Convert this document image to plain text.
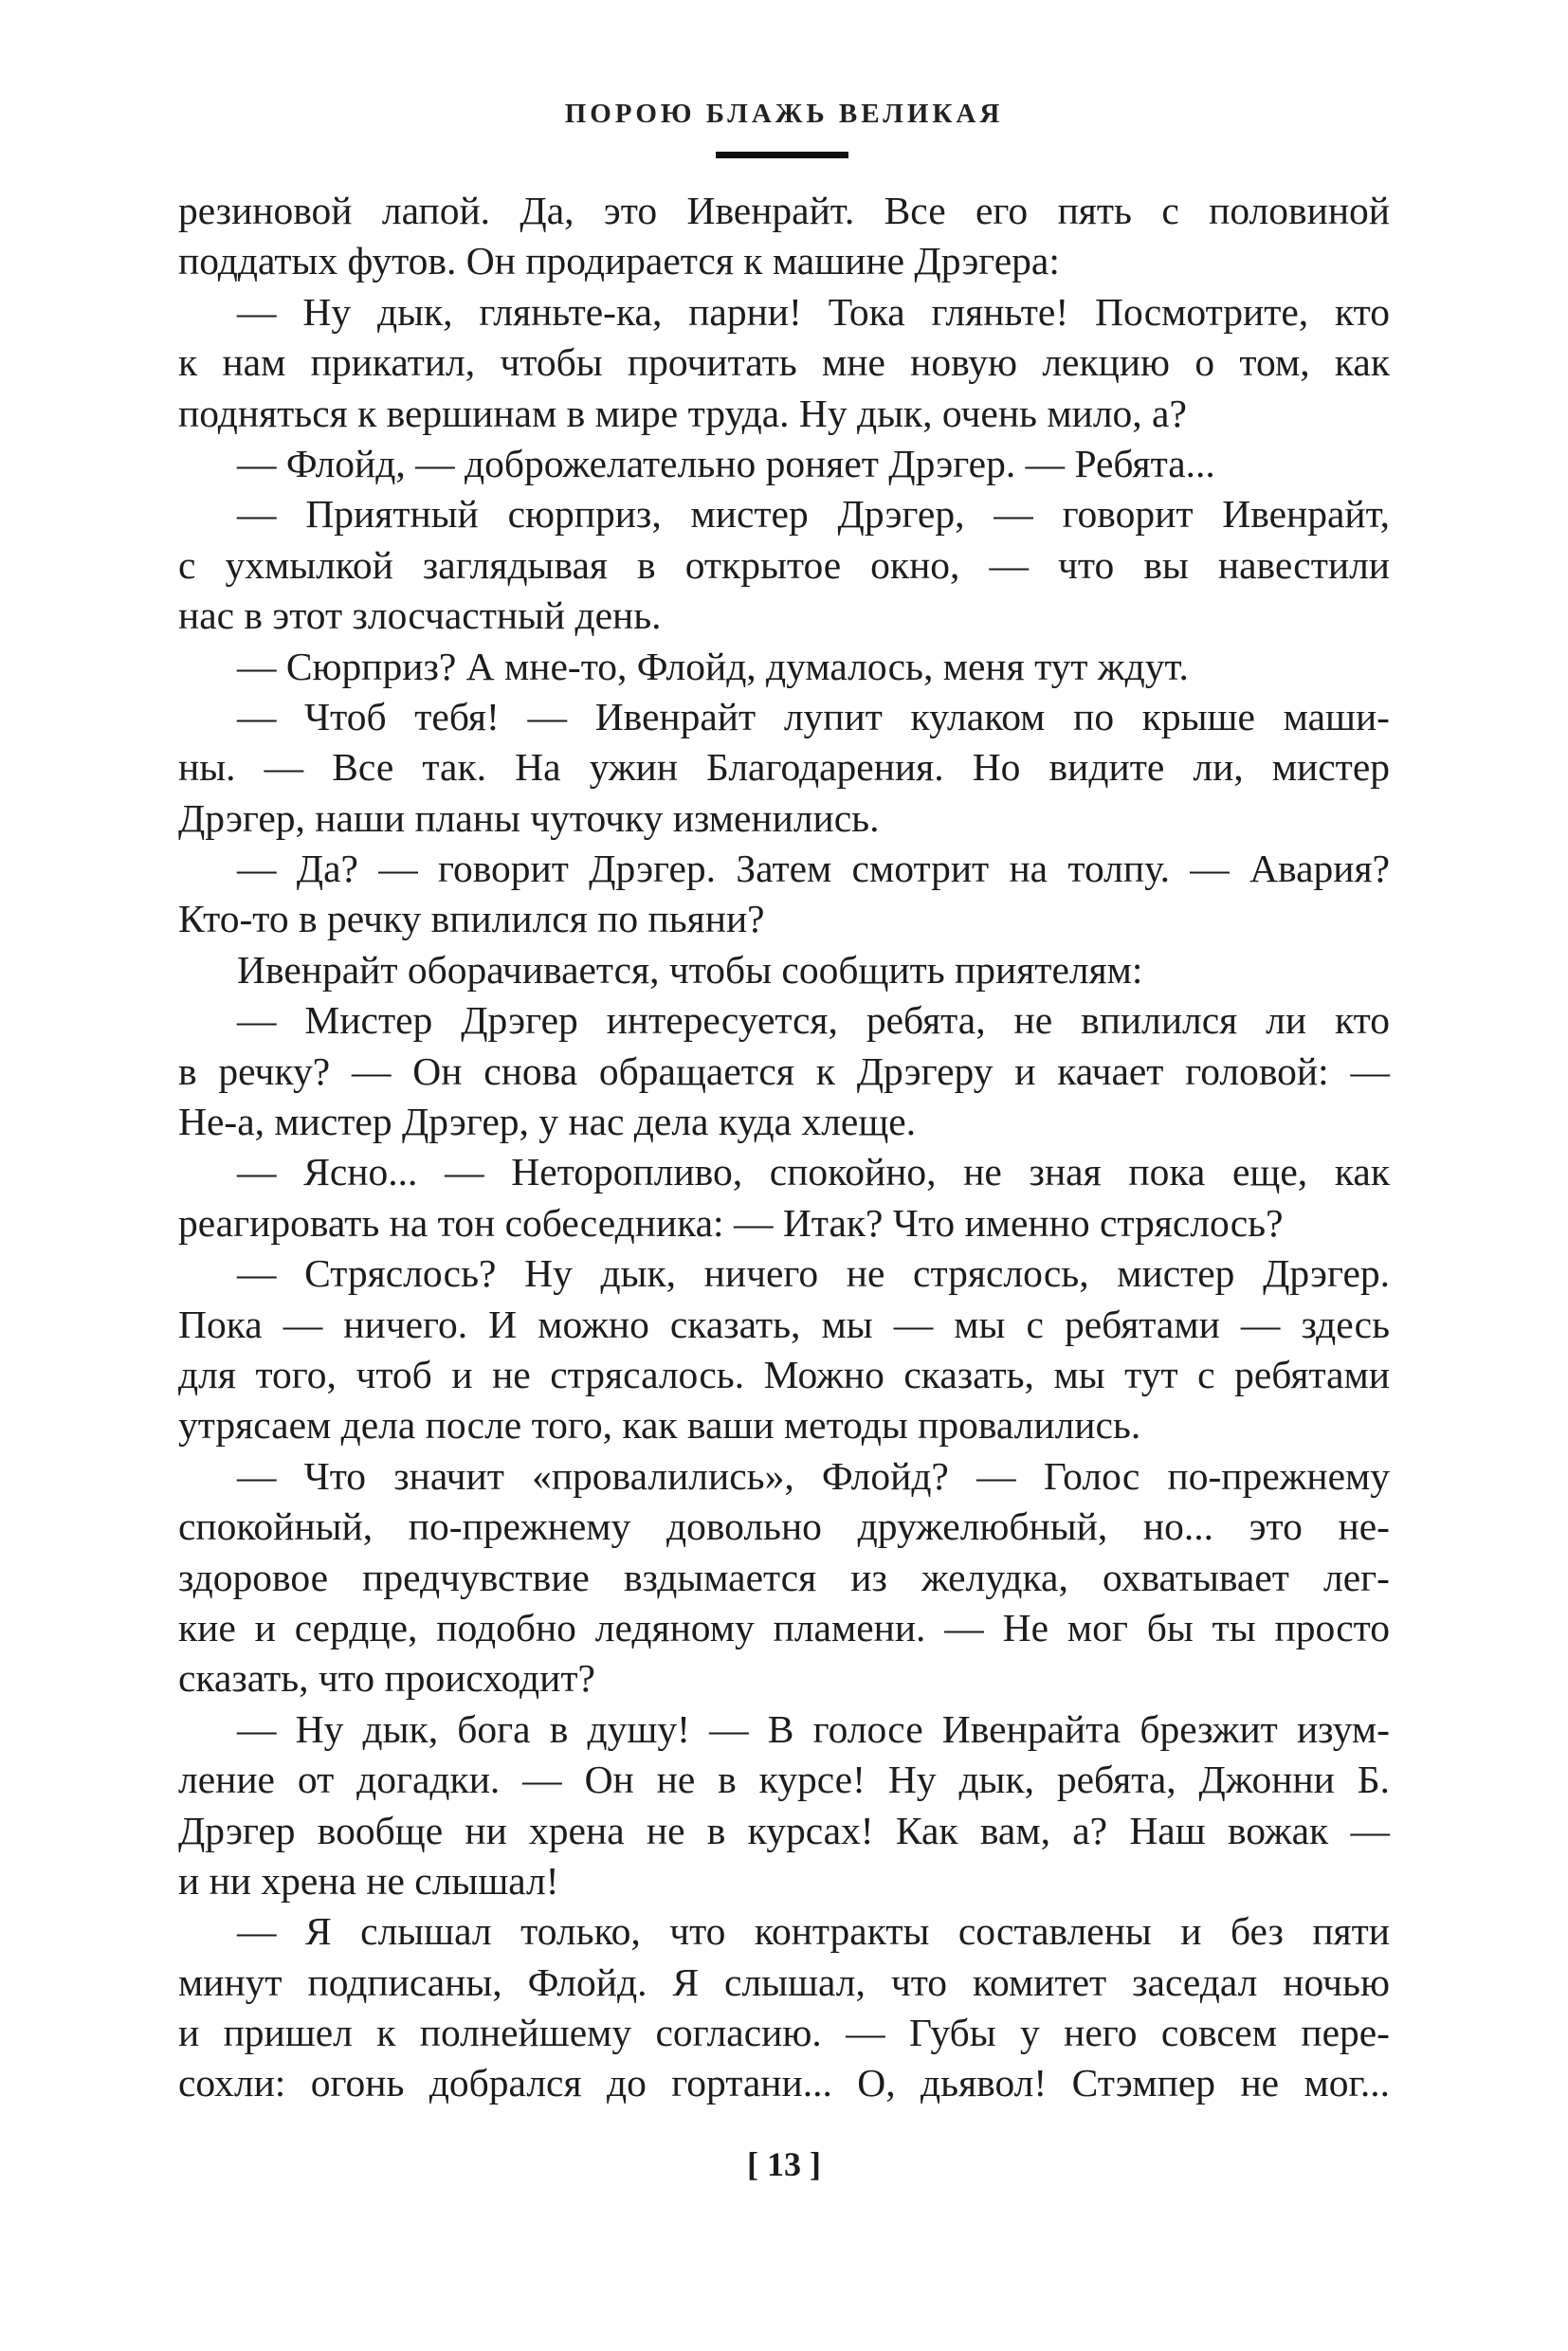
ПОРОЮ БЛАЖЬ ВЕЛИКАЯ
резиновой лапой. Да, это Ивенрайт. Все его пять с половиной
поддатых футов. Он продирается к машине Дрэгера:
— Ну дык, гляньте-ка, парни! Тока гляньте! Посмотрите, кто
к нам прикатил, чтобы прочитать мне новую лекцию о том, как
подняться к вершинам в мире труда. Ну дык, очень мило, а?
— Флойд, — доброжелательно роняет Дрэгер. — Ребята...
— Приятный сюрприз, мистер Дрэгер, — говорит Ивенрайт,
с ухмылкой заглядывая в открытое окно, — что вы навестили
нас в этот злосчастный день.
— Сюрприз? А мне-то, Флойд, думалось, меня тут ждут.
— Чтоб тебя! — Ивенрайт лупит кулаком по крыше маши-
ны. — Все так. На ужин Благодарения. Но видите ли, мистер
Дрэгер, наши планы чуточку изменились.
— Да? — говорит Дрэгер. Затем смотрит на толпу. — Авария?
Кто-то в речку впилился по пьяни?
Ивенрайт оборачивается, чтобы сообщить приятелям:
— Мистер Дрэгер интересуется, ребята, не впилился ли кто
в речку? — Он снова обращается к Дрэгеру и качает головой: —
Не-а, мистер Дрэгер, у нас дела куда хлеще.
— Ясно... — Неторопливо, спокойно, не зная пока еще, как
реагировать на тон собеседника: — Итак? Что именно стряслось?
— Стряслось? Ну дык, ничего не стряслось, мистер Дрэгер.
Пока — ничего. И можно сказать, мы — мы с ребятами — здесь
для того, чтоб и не стрясалось. Можно сказать, мы тут с ребятами
утрясаем дела после того, как ваши методы провалились.
— Что значит «провалились», Флойд? — Голос по-прежнему
спокойный, по-прежнему довольно дружелюбный, но... это не-
здоровое предчувствие вздымается из желудка, охватывает лег-
кие и сердце, подобно ледяному пламени. — Не мог бы ты просто
сказать, что происходит?
— Ну дык, бога в душу! — В голосе Ивенрайта брезжит изум-
ление от догадки. — Он не в курсе! Ну дык, ребята, Джонни Б.
Дрэгер вообще ни хрена не в курсах! Как вам, а? Наш вожак —
и ни хрена не слышал!
— Я слышал только, что контракты составлены и без пяти
минут подписаны, Флойд. Я слышал, что комитет заседал ночью
и пришел к полнейшему согласию. — Губы у него совсем пере-
сохли: огонь добрался до гортани... О, дьявол! Стэмпер не мог...
[ 13 ]
